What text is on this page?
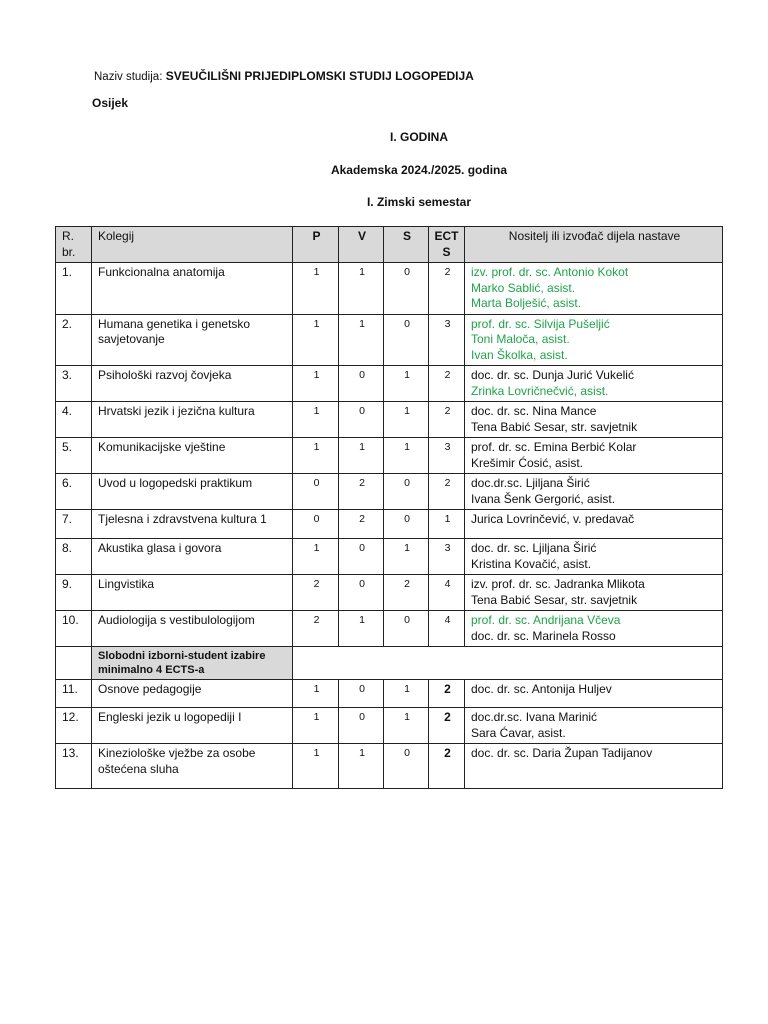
Naziv studija: SVEUČILIŠNI PRIJEDIPLOMSKI STUDIJ LOGOPEDIJA
Osijek
I. GODINA
Akademska 2024./2025. godina
I. Zimski semestar
R. br.	Kolegij	P	V	S	ECTS	Nositelj ili izvođač dijela nastave
1.	Funkcionalna anatomija	1	1	0	2	izv. prof. dr. sc. Antonio Kokot
Marko Sablić, asist.
Marta Bolješić, asist.

2.	Humana genetika i genetsko savjetovanje	1	1	0	3	prof. dr. sc. Silvija Pušeljić
Toni Maloča, asist.
Ivan Školka, asist.

3.	Psihološki razvoj čovjeka	1	0	1	2	doc. dr. sc. Dunja Jurić Vukelić
Zrinka Lovričnečvić, asist.

4.	Hrvatski jezik i jezična kultura	1	0	1	2	doc. dr. sc. Nina Mance
Tena Babić Sesar, str. savjetnik

5.	Komunikacijske vještine	1	1	1	3	prof. dr. sc. Emina Berbić Kolar
Krešimir Ćosić, asist.

6.	Uvod u logopedski praktikum	0	2	0	2	doc.dr.sc. Ljiljana Širić
Ivana Šenk Gergorić, asist.

7.	Tjelesna i zdravstvena kultura 1	0	2	0	1	Jurica Lovrinčević, v. predavač

8.	Akustika glasa i govora	1	0	1	3	doc. dr. sc. Ljiljana Širić
Kristina Kovačić, asist.

9.	Lingvistika	2	0	2	4	izv. prof. dr. sc. Jadranka Mlikota
Tena Babić Sesar, str. savjetnik

10.	Audiologija s vestibulologijom	2	1	0	4	prof. dr. sc. Andrijana Včeva
doc. dr. sc. Marinela Rosso

	Slobodni izborni-student izabire minimalno 4 ECTS-a					
11.	Osnove pedagogije	1	0	1	2	doc. dr. sc. Antonija Huljev

12.	Engleski jezik u logopediji I	1	0	1	2	doc.dr.sc. Ivana Marinić
Sara Ćavar, asist.

13.	Kineziološke vježbe za osobe oštećena sluha	1	1	0	2	doc. dr. sc. Daria Župan Tadijanov
